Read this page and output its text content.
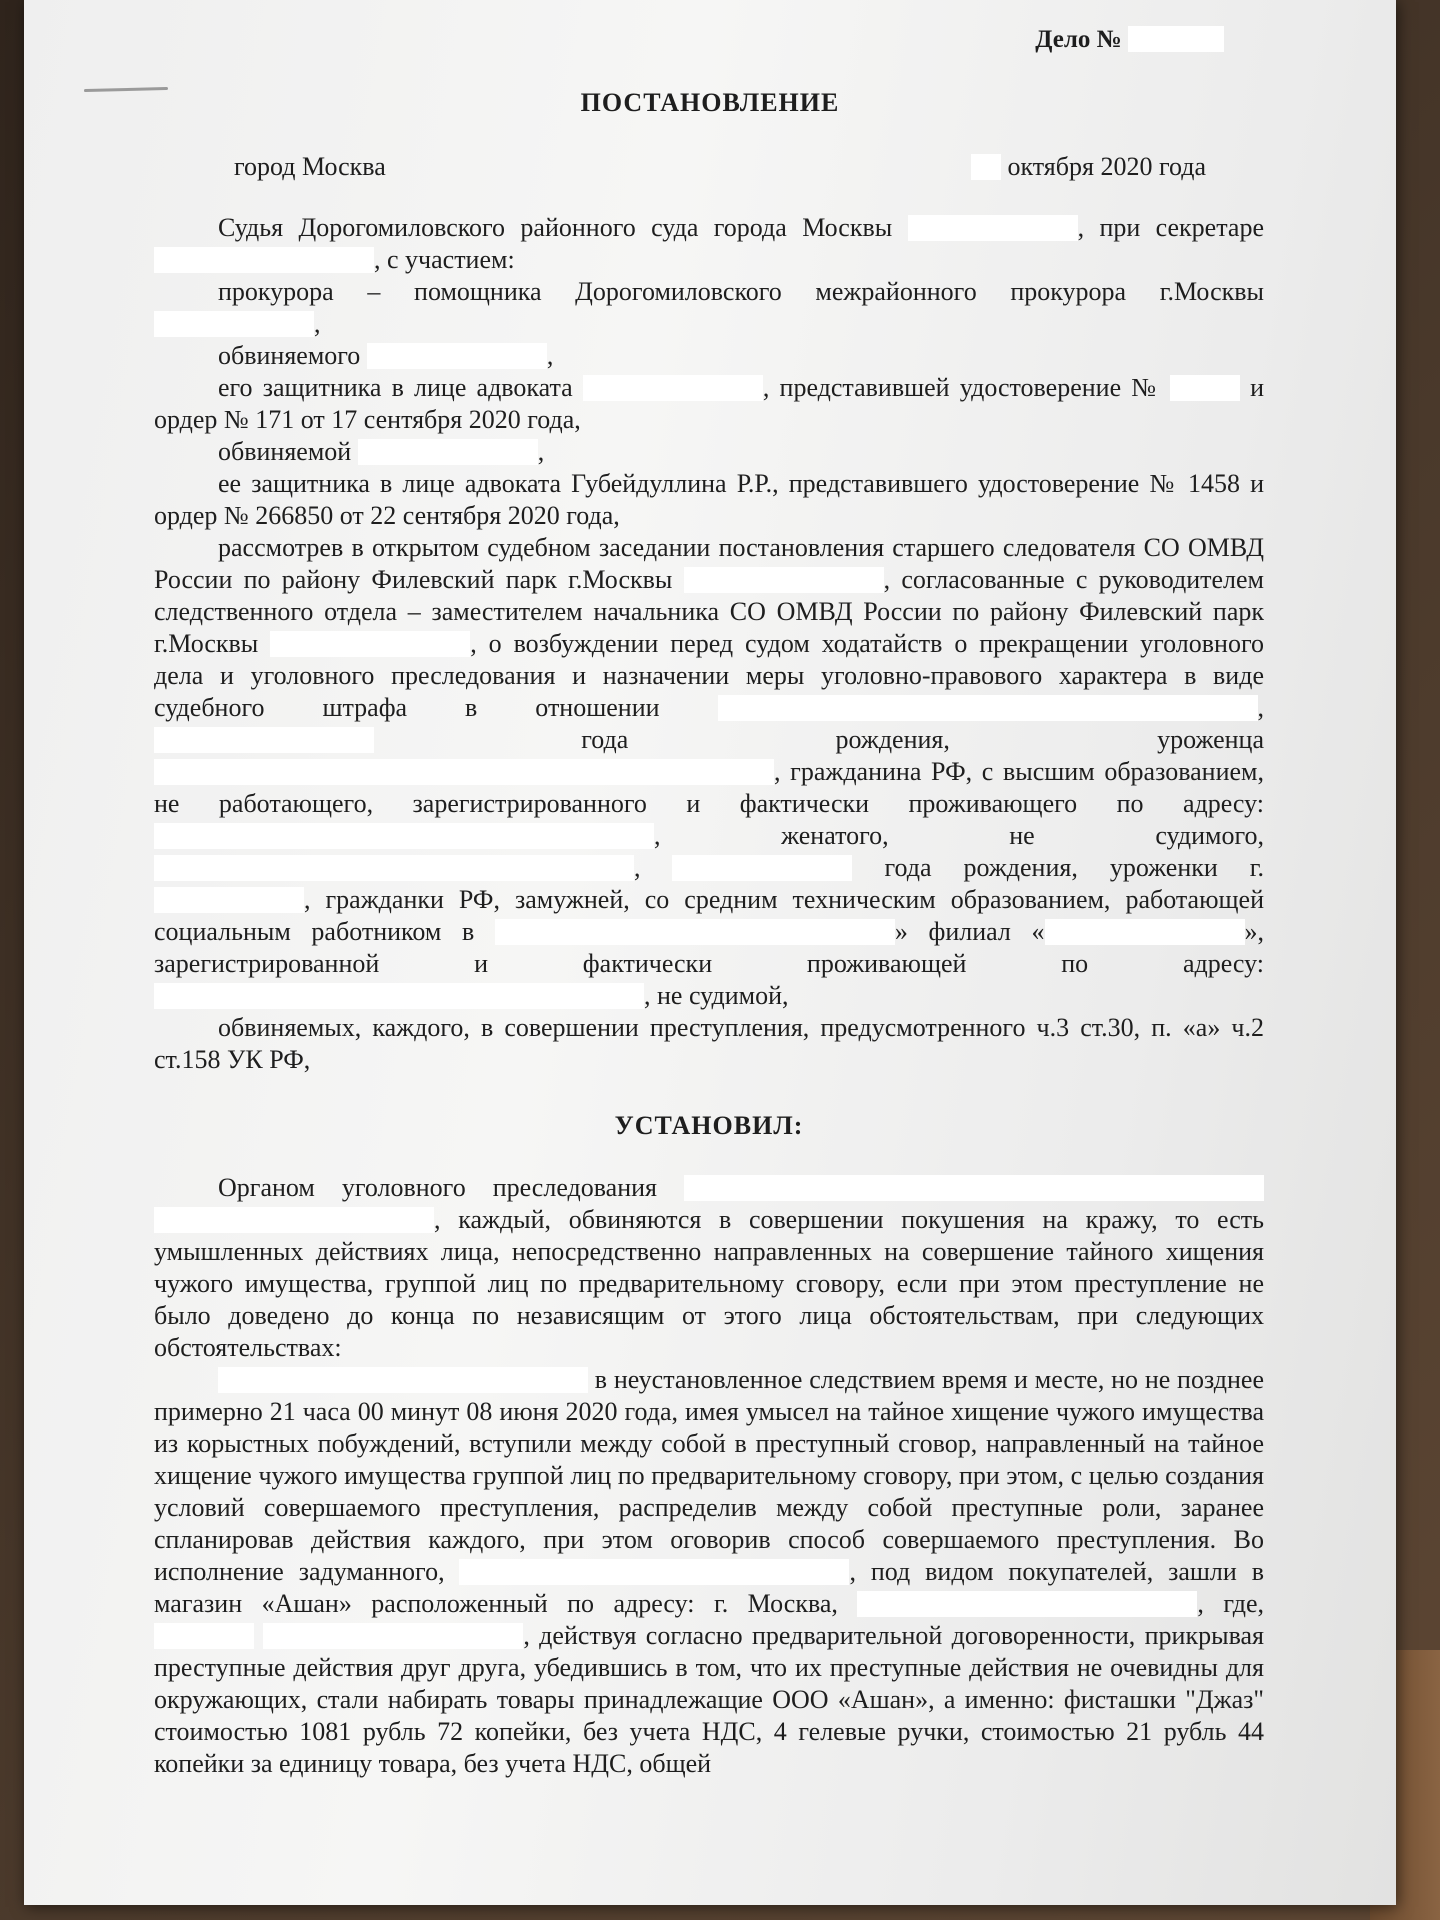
Дело №
ПОСТАНОВЛЕНИЕ
город Москва	октября 2020 года

Судья Дорогомиловского районного суда города Москвы	, при секретаре , с участием:

прокурора – помощника Дорогомиловского межрайонного прокурора г.Москвы ,

обвиняемого	,

его защитника в лице адвоката	, представившей удостоверение №	и ордер № 171 от 17 сентября 2020 года,

обвиняемой	,

ее защитника в лице адвоката Губейдуллина Р.Р., представившего удостоверение № 1458 и ордер № 266850 от 22 сентября 2020 года,

рассмотрев в открытом судебном заседании постановления старшего следователя СО ОМВД России по району Филевский парк г.Москвы	, согласованные с руководителем следственного отдела – заместителем начальника СО ОМВД России по району Филевский парк г.Москвы	, о возбуждении перед судом ходатайств о прекращении уголовного дела и уголовного преследования и назначении меры уголовно-правового характера в виде судебного штрафа в отношении	,  года рождения, уроженца , гражданина РФ, с высшим образованием, не работающего, зарегистрированного и фактически проживающего по адресу: , женатого, не судимого, ,	года рождения, уроженки г. , гражданки РФ, замужней, со средним техническим образованием, работающей социальным работником в	» филиал «	», зарегистрированной и фактически проживающей по адресу: , не судимой,

обвиняемых, каждого, в совершении преступления, предусмотренного ч.3 ст.30, п. «а» ч.2 ст.158 УК РФ,

УСТАНОВИЛ:

Органом уголовного преследования  , каждый, обвиняются в совершении покушения на кражу, то есть умышленных действиях лица, непосредственно направленных на совершение тайного хищения чужого имущества, группой лиц по предварительному сговору, если при этом преступление не было доведено до конца по независящим от этого лица обстоятельствам, при следующих обстоятельствах:

в неустановленное следствием время и месте, но не позднее примерно 21 часа 00 минут 08 июня 2020 года, имея умысел на тайное хищение чужого имущества из корыстных побуждений, вступили между собой в преступный сговор, направленный на тайное хищение чужого имущества группой лиц по предварительному сговору, при этом, с целью создания условий совершаемого преступления, распределив между собой преступные роли, заранее спланировав действия каждого, при этом оговорив способ совершаемого преступления. Во исполнение задуманного,	, под видом покупателей, зашли в магазин «Ашан» расположенный по адресу: г. Москва,	, где,  , действуя согласно предварительной договоренности, прикрывая преступные действия друг друга, убедившись в том, что их преступные действия не очевидны для окружающих, стали набирать товары принадлежащие ООО «Ашан», а именно: фисташки "Джаз" стоимостью 1081 рубль 72 копейки, без учета НДС, 4 гелевые ручки, стоимостью 21 рубль 44 копейки за единицу товара, без учета НДС, общей
